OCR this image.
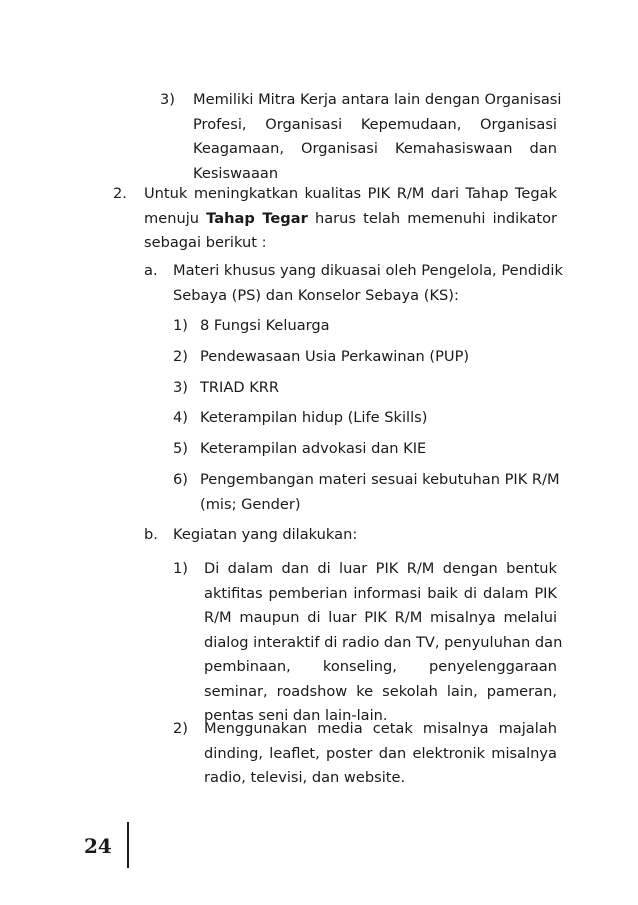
3) Memiliki Mitra Kerja antara lain dengan Organisasi
Profesi, Organisasi Kepemudaan, Organisasi
Keagamaan, Organisasi Kemahasiswaan dan
Kesiswaaan
2. Untuk meningkatkan kualitas PIK R/M dari Tahap Tegak
menuju Tahap Tegar harus telah memenuhi indikator
sebagai berikut :
a. Materi khusus yang dikuasai oleh Pengelola, Pendidik
Sebaya (PS) dan Konselor Sebaya (KS):
1) 8 Fungsi Keluarga
2) Pendewasaan Usia Perkawinan (PUP)
3) TRIAD KRR
4) Keterampilan hidup (Life Skills)
5) Keterampilan advokasi dan KIE
6) Pengembangan materi sesuai kebutuhan PIK R/M
(mis; Gender)
b. Kegiatan yang dilakukan:
1) Di dalam dan di luar PIK R/M dengan bentuk
aktifitas pemberian informasi baik di dalam PIK
R/M maupun di luar PIK R/M misalnya melalui
dialog interaktif di radio dan TV, penyuluhan dan
pembinaan, konseling, penyelenggaraan
seminar, roadshow ke sekolah lain, pameran,
pentas seni dan lain-lain.
2) Menggunakan media cetak misalnya majalah
dinding, leaflet, poster dan elektronik misalnya
radio, televisi, dan website.
24
